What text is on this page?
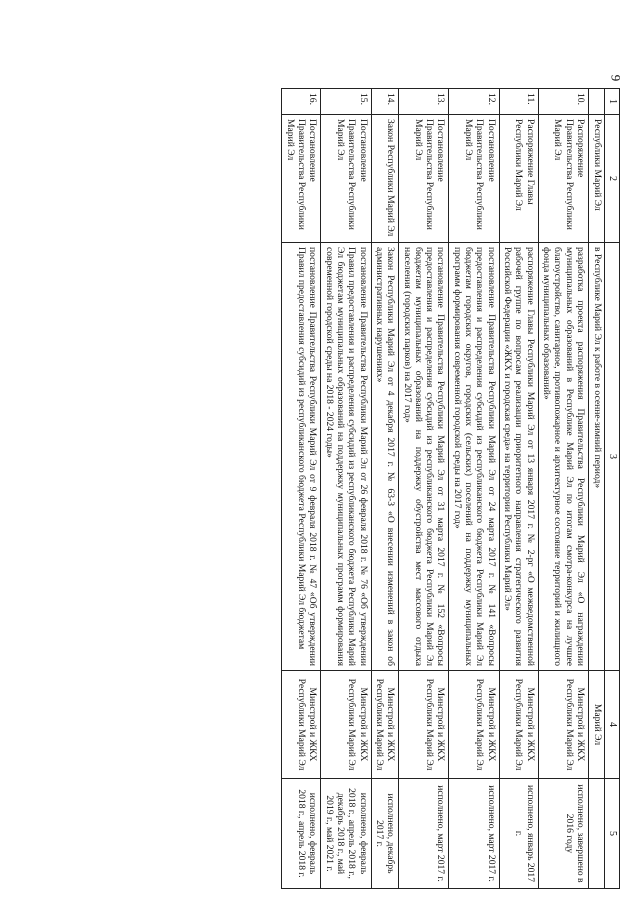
9
1	2	3	4	5
	Республики Марий Эл	в Республике Марий Эл к работе в осенне-зимний период»	Марий Эл	
10.	Распоряжение Правительства Республики Марий Эл	разработка проекта распоряжения Правительства Республики Марий Эл «О награждении муниципальных образований в Республике Марий Эл по итогам смотра-конкурса на лучшее благоустройство, санитарное, противопожарное и архитектурное состояние территорий и жилищного фонда муниципальных образований»	Минстрой и ЖКХ Республики Марий Эл	исполнено, завершено в 2016 году
11.	Распоряжение Главы Республики Марий Эл	распоряжение Главы Республики Марий Эл от 13 января 2017 г. № 2-рг «О межведомственной рабочей группе по вопросам реализации приоритетного направления стратегического развития Российской Федерации «ЖКХ и городская среда» на территории Республики Марий Эл»	Минстрой и ЖКХ Республики Марий Эл	исполнено, январь 2017 г.
12.	Постановление Правительства Республики Марий Эл	постановление Правительства Республики Марий Эл от 24 марта 2017 г. № 141 «Вопросы предоставления и распределения субсидий из республиканского бюджета Республики Марий Эл бюджетам городских округов, городских (сельских) поселений на поддержку муниципальных программ формирования современной городской среды на 2017 год»	Минстрой и ЖКХ Республики Марий Эл	исполнено, март 2017 г.
13.	Постановление Правительства Республики Марий Эл	постановление Правительства Республики Марий Эл от 31 марта 2017 г. № 152 «Вопросы предоставления и распределения субсидий из республиканского бюджета Республики Марий Эл бюджетам муниципальных образований на поддержку обустройства мест массового отдыха населения (городских парков) на 2017 год»	Минстрой и ЖКХ Республики Марий Эл	исполнено, март 2017 г.
14.	Закон Республики Марий Эл	Закон Республики Марий Эл от 4 декабря 2017 г. № 63-З «О внесении изменений в закон об административных нарушениях»	Минстрой и ЖКХ Республики Марий Эл	исполнено, декабрь 2017 г.
15.	Постановление Правительства Республики Марий Эл	постановление Правительства Республики Марий Эл от 26 февраля 2018 г. № 76 «Об утверждении Правил предоставления и распределения субсидий из республиканского бюджета Республики Марий Эл бюджетам муниципальных образований на поддержку муниципальных программ формирования современной городской среды на 2018 - 2024 годы»	Минстрой и ЖКХ Республики Марий Эл	исполнено, февраль 2018 г., апрель 2018 г., декабрь 2018 г., май 2019 г., май 2021 г.
16.	Постановление Правительства Республики Марий Эл	постановление Правительства Республики Марий Эл от 9 февраля 2018 г. № 47 «Об утверждении Правил предоставления субсидий из республиканского бюджета Республики Марий Эл бюджетам	Минстрой и ЖКХ Республики Марий Эл	исполнено, февраль 2018 г., апрель 2018 г.
